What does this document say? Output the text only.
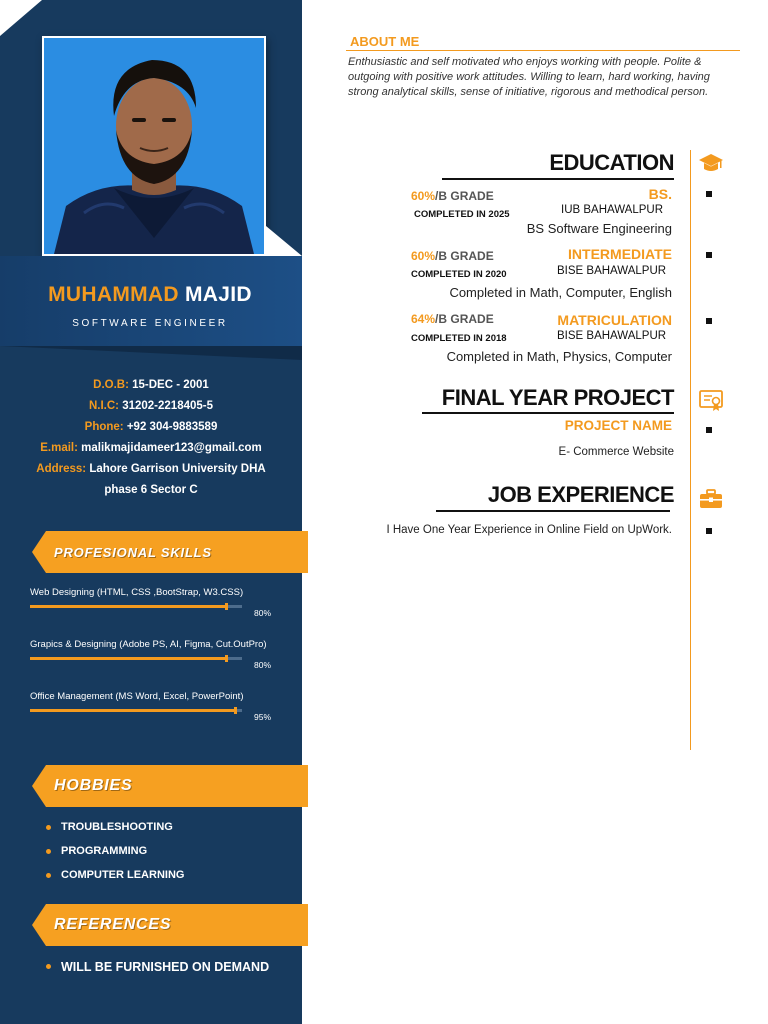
MUHAMMAD MAJID
SOFTWARE ENGINEER
D.O.B: 15-DEC - 2001
N.I.C: 31202-2218405-5
Phone: +92 304-9883589
E.mail: malikmajidameer123@gmail.com
Address: Lahore Garrison University DHA
phase 6 Sector C
PROFESIONAL SKILLS
Web Designing (HTML, CSS ,BootStrap, W3.CSS)
80%
Grapics & Designing (Adobe PS, AI, Figma, Cut.OutPro)
80%
Office Management (MS Word, Excel, PowerPoint)
95%
HOBBIES
TROUBLESHOOTING
PROGRAMMING
COMPUTER LEARNING
REFERENCES
WILL BE FURNISHED ON DEMAND
ABOUT ME
Enthusiastic and self motivated who enjoys working with people. Polite & outgoing with positive work attitudes. Willing to learn, hard working, having strong analytical skills, sense of initiative, rigorous and methodical person.
EDUCATION
60%/B GRADE	BS.
COMPLETED IN 2025	IUB BAHAWALPUR
BS Software Engineering
60%/B GRADE	INTERMEDIATE
COMPLETED IN 2020	BISE BAHAWALPUR
Completed in Math, Computer, English
64%/B GRADE	MATRICULATION
COMPLETED IN 2018	BISE BAHAWALPUR
Completed in Math, Physics, Computer
FINAL YEAR PROJECT
PROJECT NAME
E- Commerce Website
JOB EXPERIENCE
I Have One Year Experience in Online Field on UpWork.
